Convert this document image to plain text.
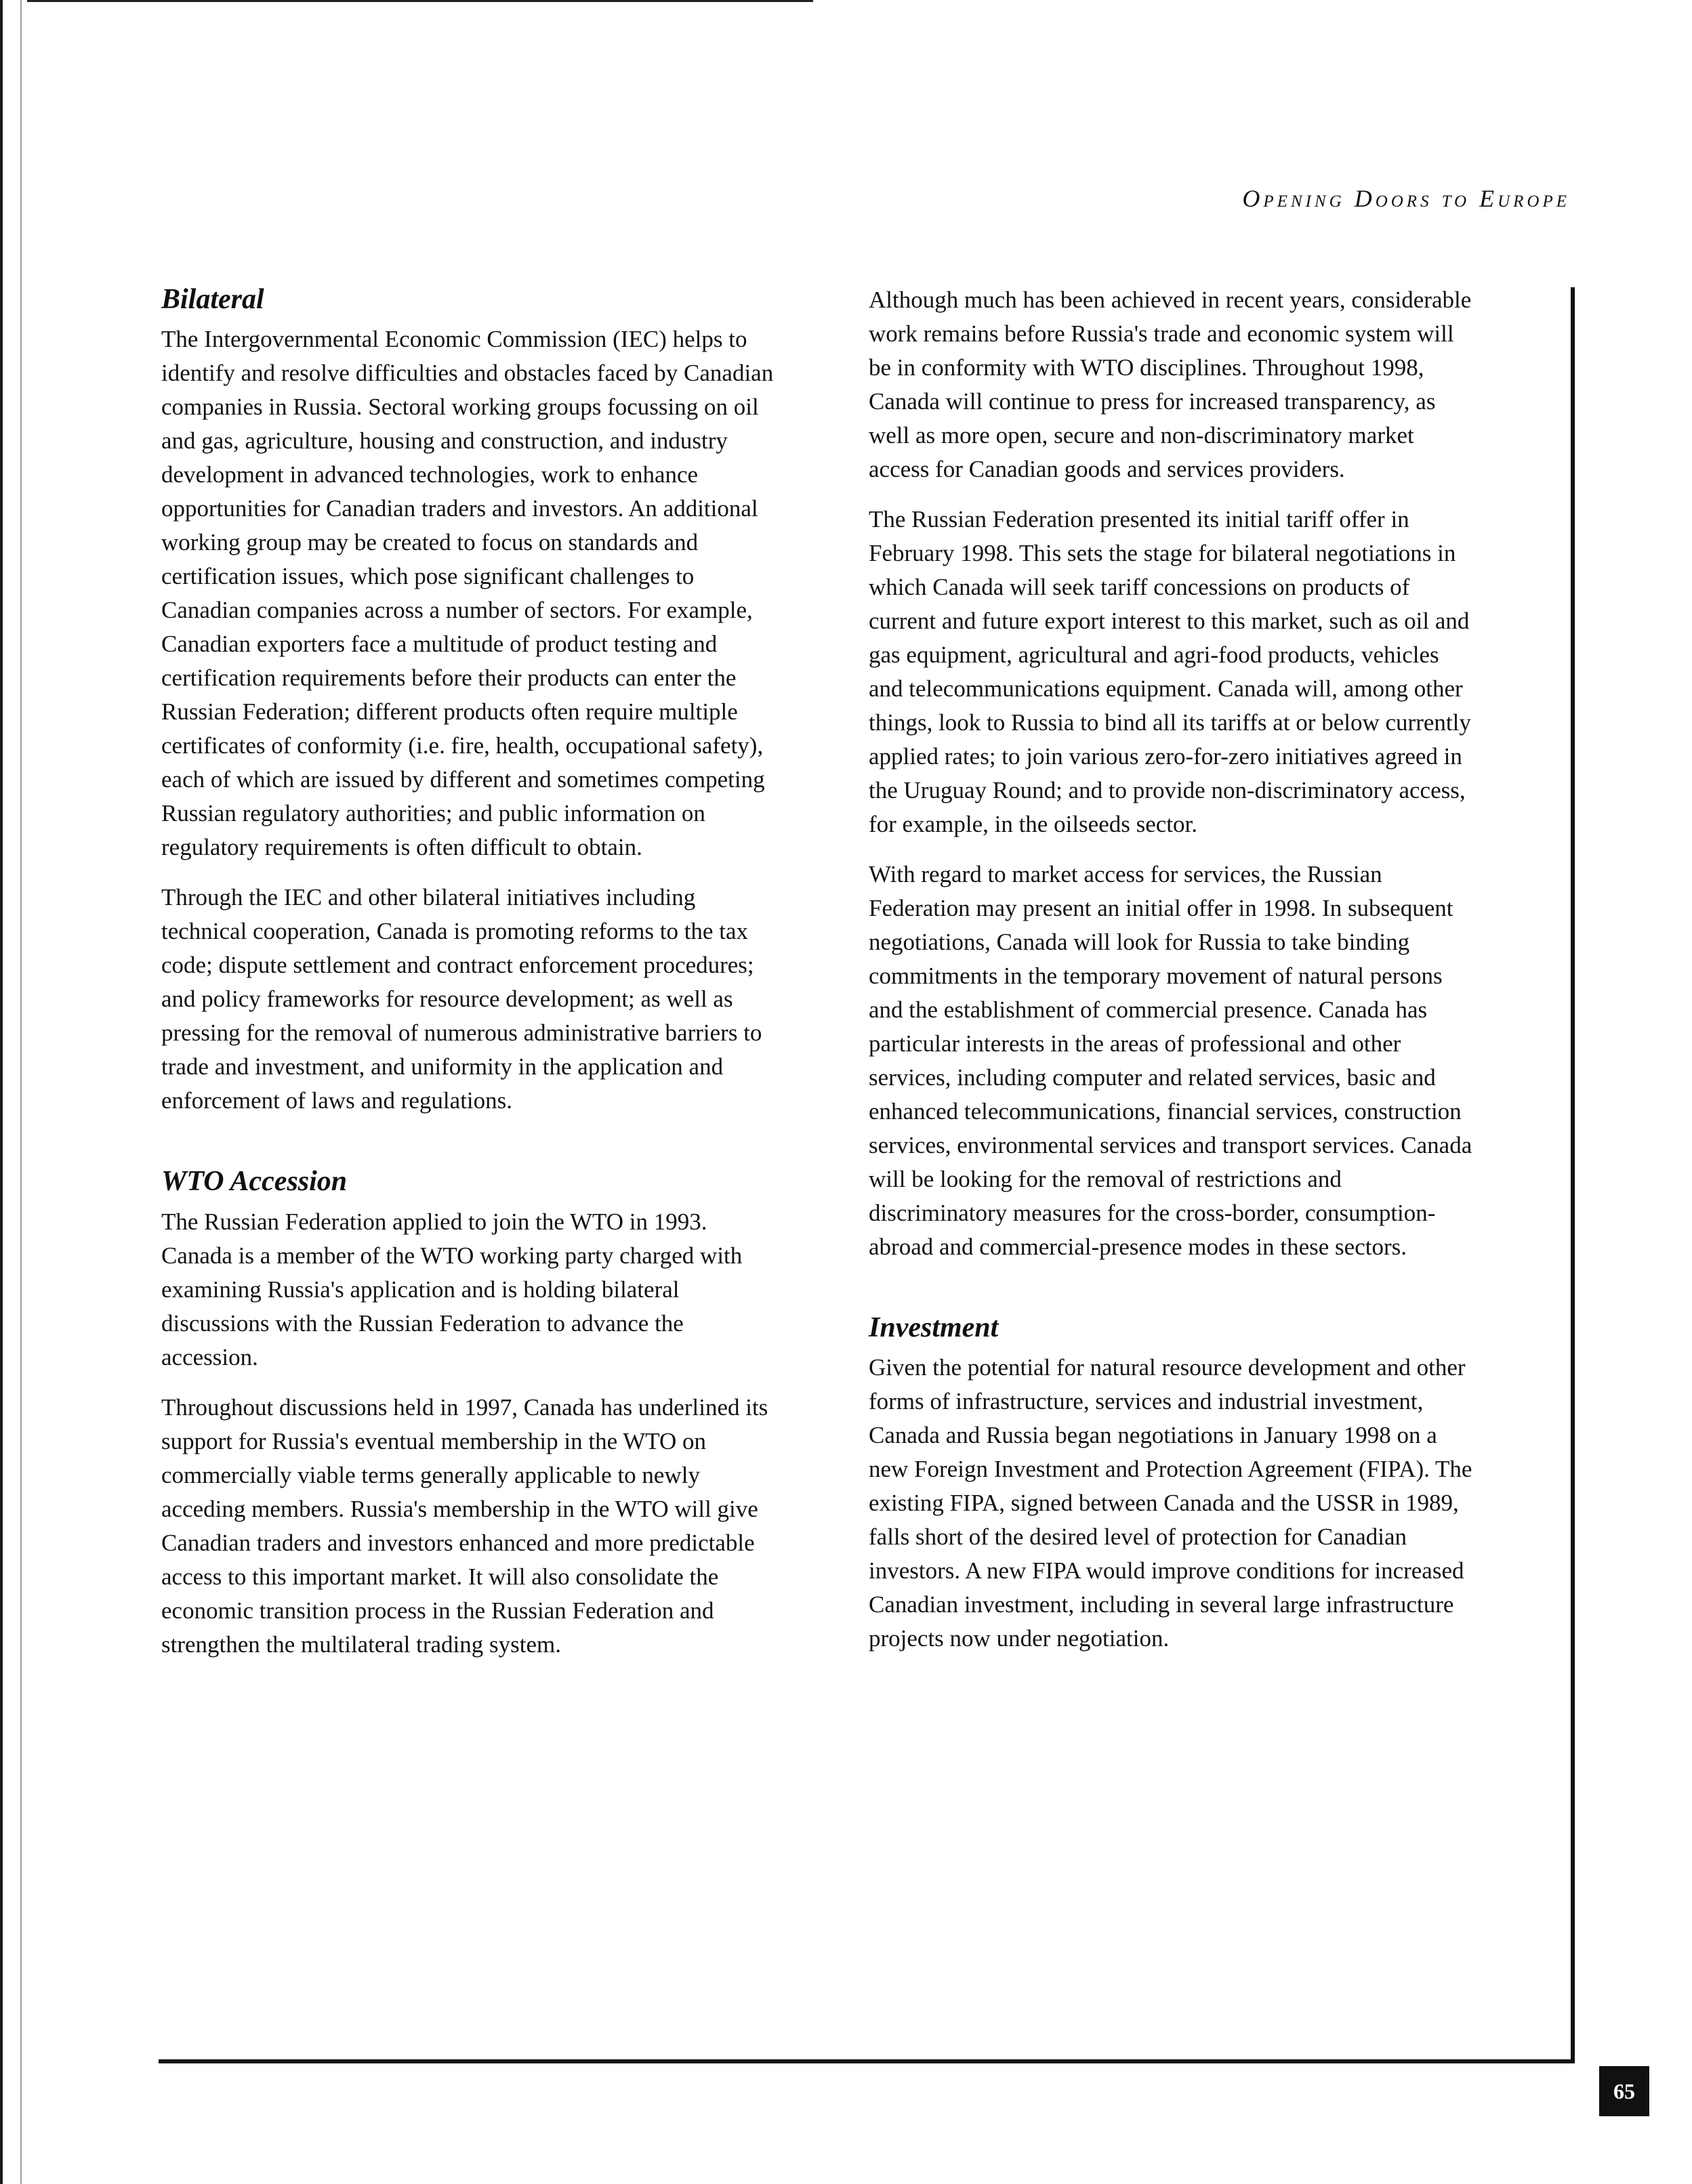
Opening Doors to Europe
Bilateral

The Intergovernmental Economic Commission (IEC) helps to identify and resolve difficulties and obstacles faced by Canadian companies in Russia. Sectoral working groups focussing on oil and gas, agriculture, housing and construction, and industry development in advanced technologies, work to enhance opportunities for Canadian traders and investors. An additional working group may be created to focus on standards and certification issues, which pose significant challenges to Canadian companies across a number of sectors. For example, Canadian exporters face a multitude of product testing and certification requirements before their products can enter the Russian Federation; different products often require multiple certificates of conformity (i.e. fire, health, occupational safety), each of which are issued by different and sometimes competing Russian regulatory authorities; and public information on regulatory requirements is often difficult to obtain.

Through the IEC and other bilateral initiatives including technical cooperation, Canada is promoting reforms to the tax code; dispute settlement and contract enforcement procedures; and policy frameworks for resource development; as well as pressing for the removal of numerous administrative barriers to trade and investment, and uniformity in the application and enforcement of laws and regulations.

WTO Accession

The Russian Federation applied to join the WTO in 1993. Canada is a member of the WTO working party charged with examining Russia's application and is holding bilateral discussions with the Russian Federation to advance the accession.

Throughout discussions held in 1997, Canada has underlined its support for Russia's eventual membership in the WTO on commercially viable terms generally applicable to newly acceding members. Russia's membership in the WTO will give Canadian traders and investors enhanced and more predictable access to this important market. It will also consolidate the economic transition process in the Russian Federation and strengthen the multilateral trading system.

Although much has been achieved in recent years, considerable work remains before Russia's trade and economic system will be in conformity with WTO disciplines. Throughout 1998, Canada will continue to press for increased transparency, as well as more open, secure and non-discriminatory market access for Canadian goods and services providers.

The Russian Federation presented its initial tariff offer in February 1998. This sets the stage for bilateral negotiations in which Canada will seek tariff concessions on products of current and future export interest to this market, such as oil and gas equipment, agricultural and agri-food products, vehicles and telecommunications equipment. Canada will, among other things, look to Russia to bind all its tariffs at or below currently applied rates; to join various zero-for-zero initiatives agreed in the Uruguay Round; and to provide non-discriminatory access, for example, in the oilseeds sector.

With regard to market access for services, the Russian Federation may present an initial offer in 1998. In subsequent negotiations, Canada will look for Russia to take binding commitments in the temporary movement of natural persons and the establishment of commercial presence. Canada has particular interests in the areas of professional and other services, including computer and related services, basic and enhanced telecommunications, financial services, construction services, environmental services and transport services. Canada will be looking for the removal of restrictions and discriminatory measures for the cross-border, consumption-abroad and commercial-presence modes in these sectors.

Investment

Given the potential for natural resource development and other forms of infrastructure, services and industrial investment, Canada and Russia began negotiations in January 1998 on a new Foreign Investment and Protection Agreement (FIPA). The existing FIPA, signed between Canada and the USSR in 1989, falls short of the desired level of protection for Canadian investors. A new FIPA would improve conditions for increased Canadian investment, including in several large infrastructure projects now under negotiation.

65
